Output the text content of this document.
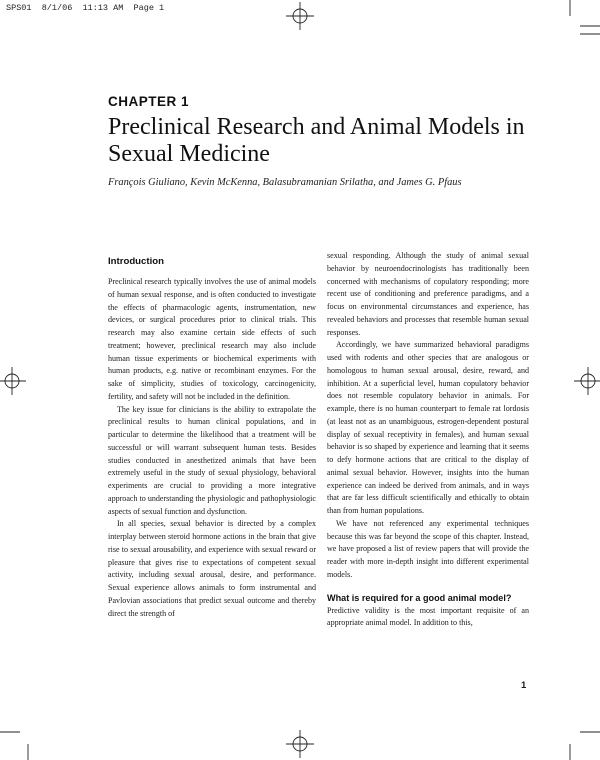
SPS01  8/1/06  11:13 AM  Page 1
CHAPTER 1
Preclinical Research and Animal Models in Sexual Medicine
François Giuliano, Kevin McKenna, Balasubramanian Srilatha, and James G. Pfaus
Introduction

Preclinical research typically involves the use of animal models of human sexual response, and is often conducted to investigate the effects of pharmacologic agents, instrumentation, new devices, or surgical procedures prior to clinical trials. This research may also examine certain side effects of such treatment; however, preclinical research may also include human tissue experiments or biochemical experiments with human products, e.g. native or recombinant enzymes. For the sake of simplicity, studies of toxicology, carcinogenicity, fertility, and safety will not be included in the definition.

The key issue for clinicians is the ability to extrapolate the preclinical results to human clinical populations, and in particular to determine the likelihood that a treatment will be successful or will warrant subsequent human tests. Besides studies conducted in anesthetized animals that have been extremely useful in the study of sexual physiology, behavioral experiments are crucial to providing a more integrative approach to understanding the physiologic and pathophysiologic aspects of sexual function and dysfunction.

In all species, sexual behavior is directed by a complex interplay between steroid hormone actions in the brain that give rise to sexual arousability, and experience with sexual reward or pleasure that gives rise to expectations of competent sexual activity, including sexual arousal, desire, and performance. Sexual experience allows animals to form instrumental and Pavlovian associations that predict sexual outcome and thereby direct the strength of

sexual responding. Although the study of animal sexual behavior by neuroendocrinologists has traditionally been concerned with mechanisms of copulatory responding; more recent use of conditioning and preference paradigms, and a focus on environmental circumstances and experience, has revealed behaviors and processes that resemble human sexual responses.

Accordingly, we have summarized behavioral paradigms used with rodents and other species that are analogous or homologous to human sexual arousal, desire, reward, and inhibition. At a superficial level, human copulatory behavior does not resemble copulatory behavior in animals. For example, there is no human counterpart to female rat lordosis (at least not as an unambiguous, estrogen-dependent postural display of sexual receptivity in females), and human sexual behavior is so shaped by experience and learning that it seems to defy hormone actions that are critical to the display of animal sexual behavior. However, insights into the human experience can indeed be derived from animals, and in ways that are far less difficult scientifically and ethically to obtain than from human populations.

We have not referenced any experimental techniques because this was far beyond the scope of this chapter. Instead, we have proposed a list of review papers that will provide the reader with more in-depth insight into different experimental models.

What is required for a good animal model?

Predictive validity is the most important requisite of an appropriate animal model. In addition to this,

1
